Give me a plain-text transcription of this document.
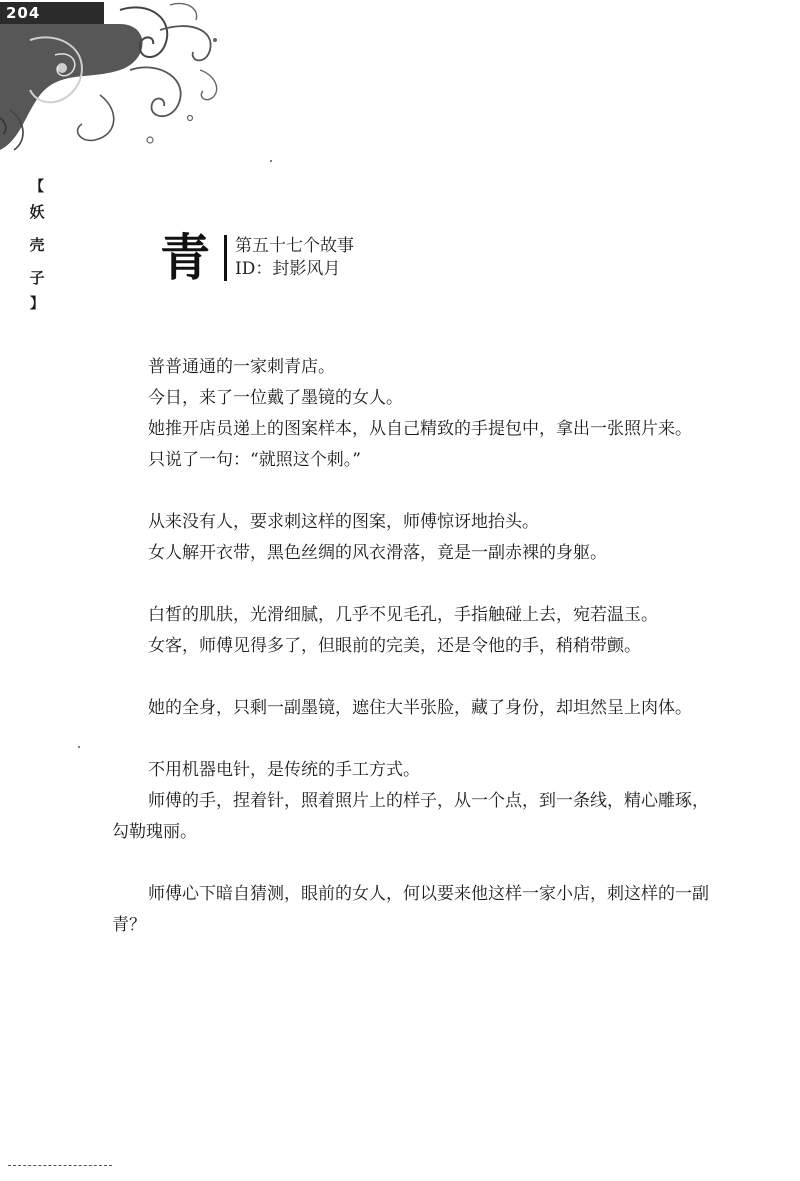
204
【
妖
壳
子
】
青 第五十七个故事
ID：封影风月

普普通通的一家刺青店。

今日，来了一位戴了墨镜的女人。

她推开店员递上的图案样本，从自己精致的手提包中，拿出一张照片来。

只说了一句：“就照这个刺。”

从来没有人，要求刺这样的图案，师傅惊讶地抬头。

女人解开衣带，黑色丝绸的风衣滑落，竟是一副赤裸的身躯。

白皙的肌肤，光滑细腻，几乎不见毛孔，手指触碰上去，宛若温玉。

女客，师傅见得多了，但眼前的完美，还是令他的手，稍稍带颤。

她的全身，只剩一副墨镜，遮住大半张脸，藏了身份，却坦然呈上肉体。

不用机器电针，是传统的手工方式。

师傅的手，捏着针，照着照片上的样子，从一个点，到一条线，精心雕琢，勾勒瑰丽。

师傅心下暗自猜测，眼前的女人，何以要来他这样一家小店，刺这样的一副青？
